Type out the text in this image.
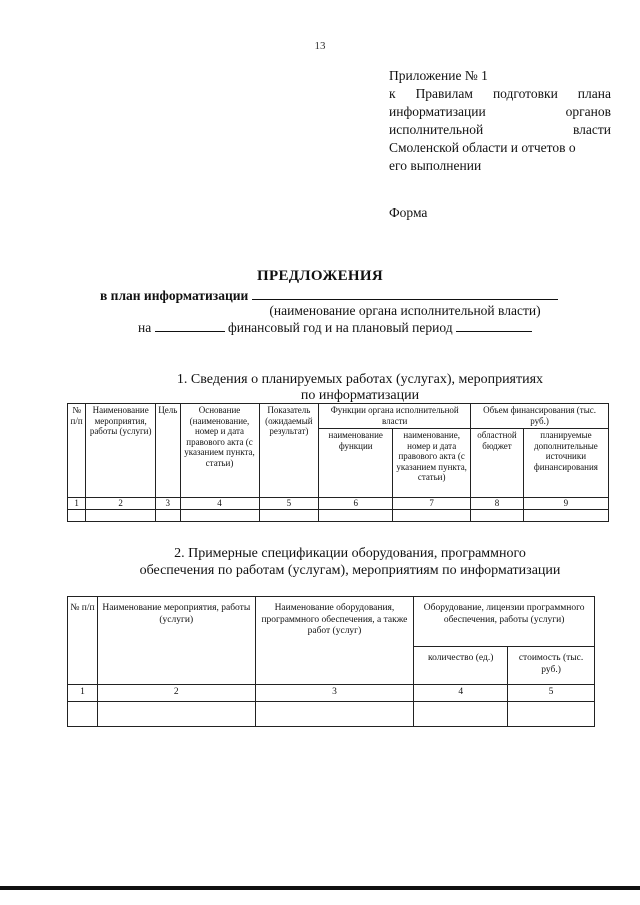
13
Приложение № 1
к Правилам подготовки плана
информатизации	органов
исполнительной	власти
Смоленской области и отчетов о
его выполнении
Форма
ПРЕДЛОЖЕНИЯ
в план информатизации
(наименование органа исполнительной власти)
на	финансовый год и на плановый период
1. Сведения о планируемых работах (услугах), мероприятиях
по информатизации
№ п/п	Наименование мероприятия, работы (услуги)	Цель	Основание (наименование, номер и дата правового акта (с указанием пункта, статьи)	Показатель (ожидаемый результат)	Функции органа исполнительной власти		Объем финансирования (тыс. руб.)	
					наименование функции	наименование, номер и дата правового акта (с указанием пункта, статьи)	областной бюджет	планируемые дополнительные источники финансирования
1	2	3	4	5	6	7	8	9

2. Примерные спецификации оборудования, программного
обеспечения по работам (услугам), мероприятиям по информатизации
№ п/п	Наименование мероприятия, работы (услуги)	Наименование оборудования, программного обеспечения, а также работ (услуг)	Оборудование, лицензии программного обеспечения, работы (услуги)	
			количество (ед.)	стоимость (тыс. руб.)
1	2	3	4	5
